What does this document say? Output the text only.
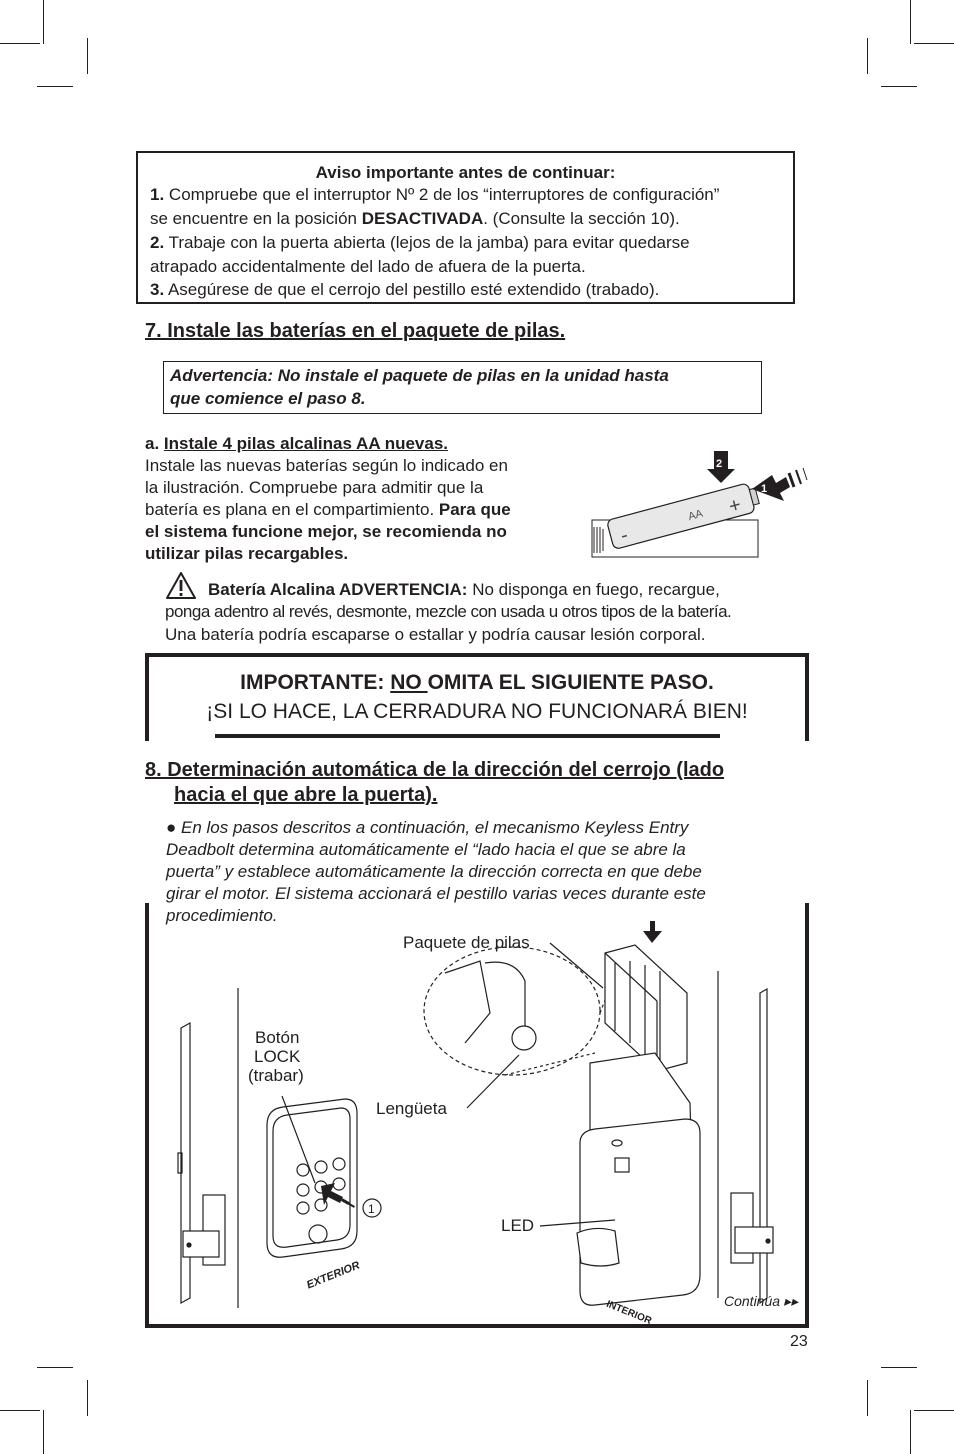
Aviso importante antes de continuar:
1. Compruebe que el interruptor Nº 2 de los “interruptores de configuración”
se encuentre en la posición DESACTIVADA. (Consulte la sección 10).
2. Trabaje con la puerta abierta (lejos de la jamba) para evitar quedarse
atrapado accidentalmente del lado de afuera de la puerta.
3. Asegúrese de que el cerrojo del pestillo esté extendido (trabado).
7. Instale las baterías en el paquete de pilas.
Advertencia: No instale el paquete de pilas en la unidad hasta
que comience el paso 8.
a. Instale 4 pilas alcalinas AA nuevas.
Instale las nuevas baterías según lo indicado en
la ilustración. Compruebe para admitir que la
batería es plana en el compartimiento. Para que
el sistema funcione mejor, se recomienda no
utilizar pilas recargables.
AA +
-
2
1
Batería Alcalina ADVERTENCIA: No disponga en fuego, recargue,
ponga adentro al revés, desmonte, mezcle con usada u otros tipos de la batería.
Una batería podría escaparse o estallar y podría causar lesión corporal.
IMPORTANTE: NO OMITA EL SIGUIENTE PASO.
¡SI LO HACE, LA CERRADURA NO FUNCIONARÁ BIEN!
8. Determinación automática de la dirección del cerrojo (lado
hacia el que abre la puerta).
● En los pasos descritos a continuación, el mecanismo Keyless Entry
Deadbolt determina automáticamente el “lado hacia el que se abre la
puerta” y establece automáticamente la dirección correcta en que debe
girar el motor. El sistema accionará el pestillo varias veces durante este
procedimiento.
EXTERIOR
1
INTERIOR
Paquete de pilas
Botón
LOCK
(trabar)
Lengüeta
LED
Continúa ▸▸
23
